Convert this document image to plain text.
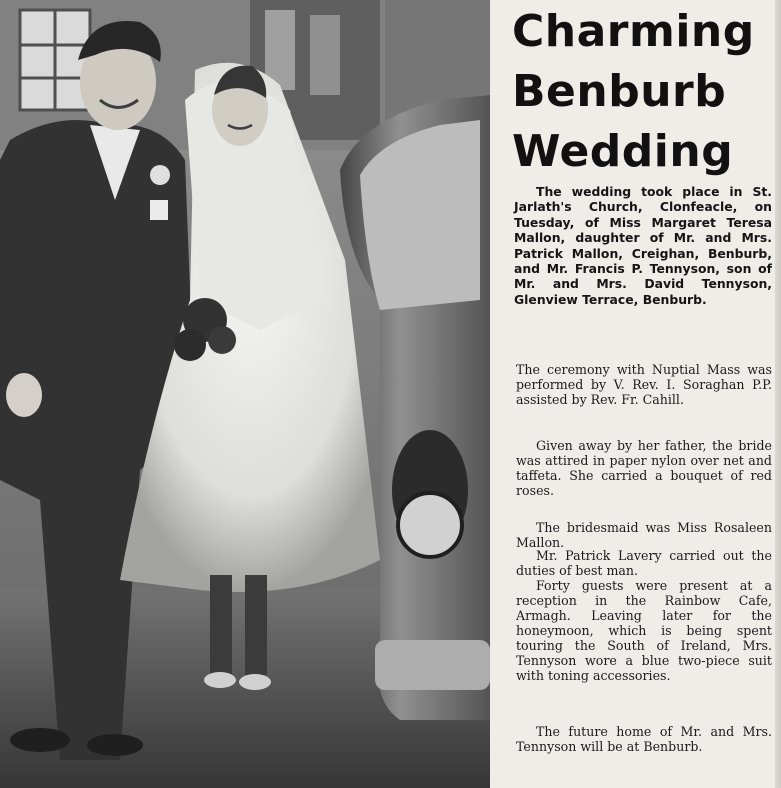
Charming Benburb Wedding

The wedding took place in St. Jarlath's Church, Clonfeacle, on Tuesday, of Miss Margaret Teresa Mallon, daughter of Mr. and Mrs. Patrick Mallon, Creighan, Benburb, and Mr. Francis P. Tennyson, son of Mr. and Mrs. David Tennyson, Glenview Terrace, Benburb.

The ceremony with Nuptial Mass was performed by V. Rev. I. Soraghan P.P. assisted by Rev. Fr. Cahill.

Given away by her father, the bride was attired in paper nylon over net and taffeta. She carried a bouquet of red roses.

The bridesmaid was Miss Rosaleen Mallon.

Mr. Patrick Lavery carried out the duties of best man.

Forty guests were present at a reception in the Rainbow Cafe, Armagh. Leaving later for the honeymoon, which is being spent touring the South of Ireland, Mrs. Tennyson wore a blue two-piece suit with toning accessories.

The future home of Mr. and Mrs. Tennyson will be at Benburb.
